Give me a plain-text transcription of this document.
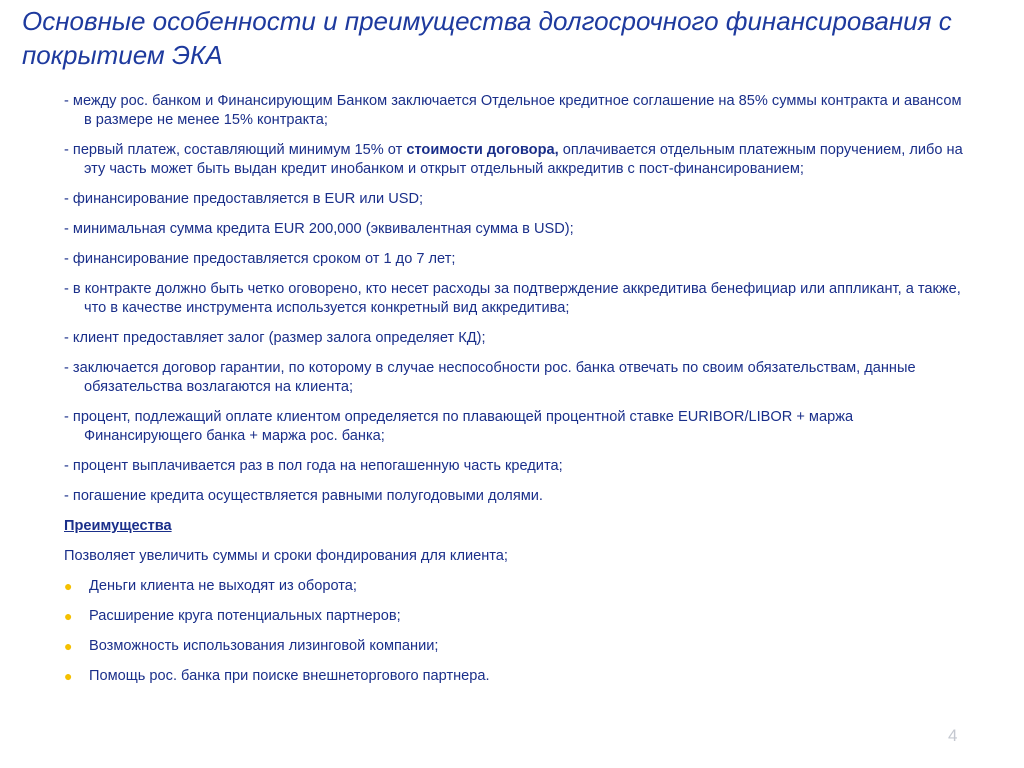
Основные особенности и преимущества долгосрочного финансирования с покрытием ЭКА

- между рос. банком и Финансирующим Банком заключается Отдельное кредитное соглашение на 85% суммы контракта и авансом в размере не менее 15% контракта;

- первый платеж, составляющий минимум 15% от стоимости договора, оплачивается отдельным платежным поручением, либо на эту часть может быть выдан кредит инобанком и открыт отдельный аккредитив с пост-финансированием;

- финансирование предоставляется в EUR или USD;

- минимальная сумма кредита EUR 200,000 (эквивалентная сумма в USD);

- финансирование предоставляется сроком от 1 до 7 лет;

- в контракте должно быть четко оговорено, кто несет расходы за подтверждение аккредитива бенефициар или аппликант, а также, что в качестве инструмента используется конкретный вид аккредитива;

- клиент предоставляет залог (размер залога определяет КД);

- заключается договор гарантии, по которому в случае неспособности рос. банка отвечать по своим обязательствам, данные обязательства возлагаются на клиента;

- процент, подлежащий оплате клиентом определяется по плавающей процентной ставке EURIBOR/LIBOR + маржа Финансирующего банка + маржа рос. банка;

- процент выплачивается раз в пол года на непогашенную часть кредита;

- погашение кредита осуществляется равными полугодовыми долями.

Преимущества

Позволяет увеличить суммы и сроки фондирования для клиента;

● Деньги клиента не выходят из оборота;
● Расширение круга потенциальных партнеров;
● Возможность использования лизинговой компании;
● Помощь рос. банка при поиске внешнеторгового партнера.
4
